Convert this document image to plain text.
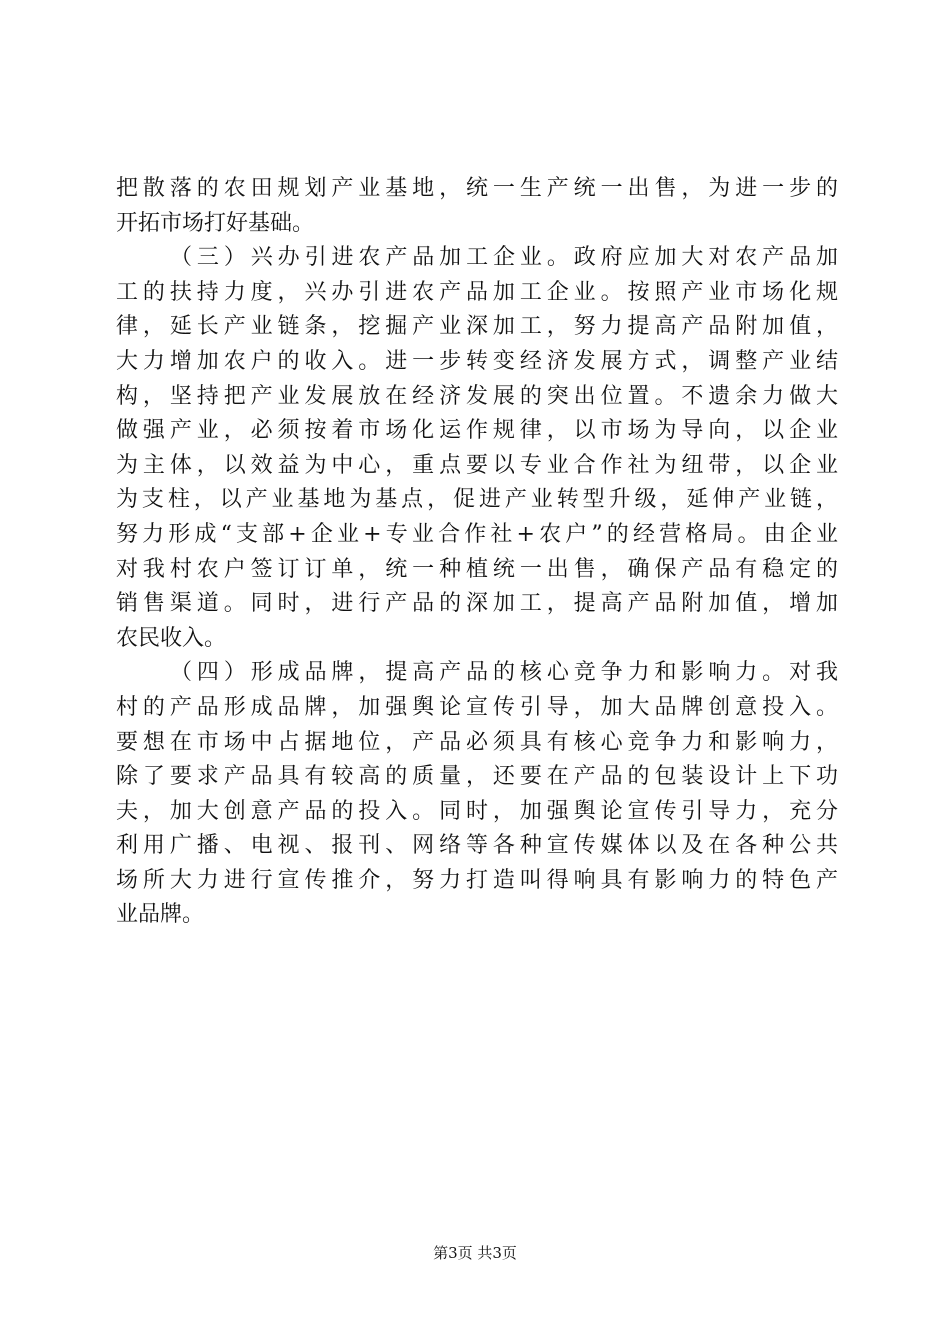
把散落的农田规划产业基地，统一生产统一出售，为进一步的
开拓市场打好基础。
（三）兴办引进农产品加工企业。政府应加大对农产品加
工的扶持力度，兴办引进农产品加工企业。按照产业市场化规
律，延长产业链条，挖掘产业深加工，努力提高产品附加值，
大力增加农户的收入。进一步转变经济发展方式，调整产业结
构，坚持把产业发展放在经济发展的突出位置。不遗余力做大
做强产业，必须按着市场化运作规律，以市场为导向，以企业
为主体，以效益为中心，重点要以专业合作社为纽带，以企业
为支柱，以产业基地为基点，促进产业转型升级，延伸产业链，
努力形成“支部+企业+专业合作社+农户”的经营格局。由企业
对我村农户签订订单，统一种植统一出售，确保产品有稳定的
销售渠道。同时，进行产品的深加工，提高产品附加值，增加
农民收入。
（四）形成品牌，提高产品的核心竞争力和影响力。对我
村的产品形成品牌，加强舆论宣传引导，加大品牌创意投入。
要想在市场中占据地位，产品必须具有核心竞争力和影响力，
除了要求产品具有较高的质量，还要在产品的包装设计上下功
夫，加大创意产品的投入。同时，加强舆论宣传引导力，充分
利用广播、电视、报刊、网络等各种宣传媒体以及在各种公共
场所大力进行宣传推介，努力打造叫得响具有影响力的特色产
业品牌。
第3页 共3页
